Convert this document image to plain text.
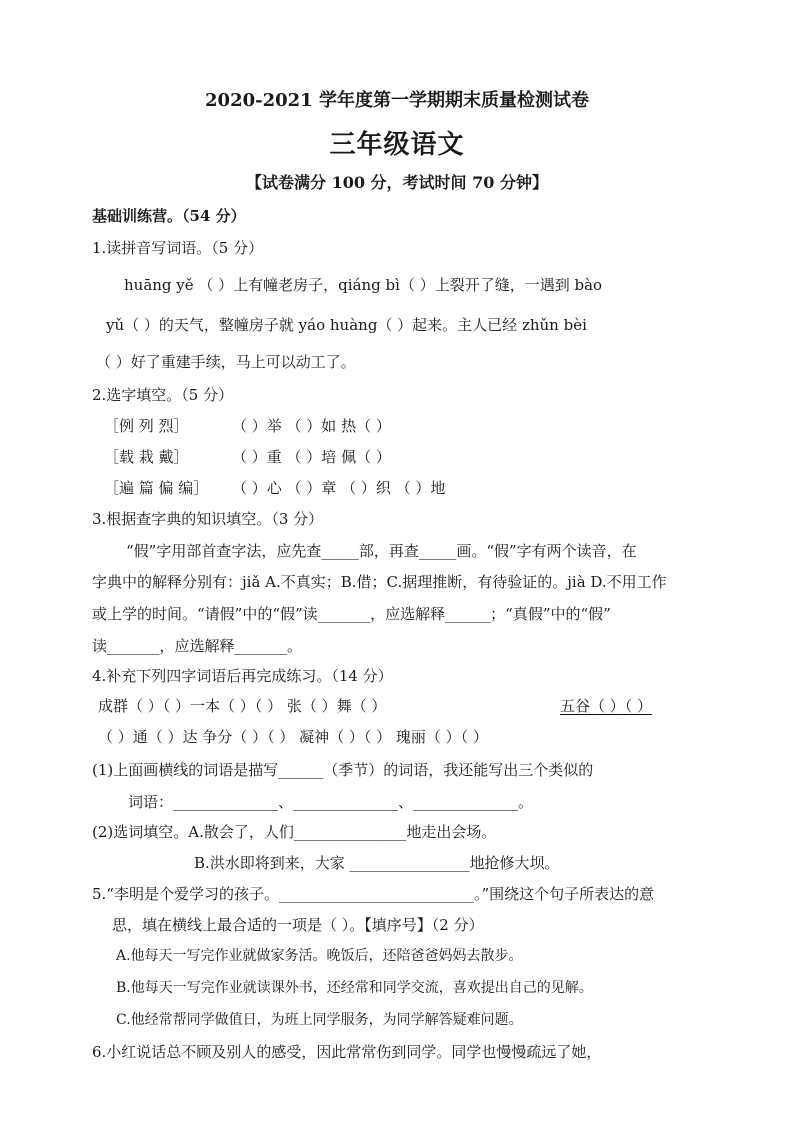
2020-2021 学年度第一学期期末质量检测试卷
三年级语文
【试卷满分 100 分，考试时间 70 分钟】
基础训练营。（54 分）
1.读拼音写词语。（5 分）
huāng yě （ ）上有幢老房子，qiáng bì（ ）上裂开了缝，一遇到 bào
yǔ（ ）的天气，整幢房子就 yáo huàng（ ）起来。主人已经 zhǔn bèi
（ ）好了重建手续，马上可以动工了。
2.选字填空。（5 分）
［例 列 烈］	（ ）举 （ ）如 热（ ）
［载 栽 戴］	（ ）重 （ ）培 佩（ ）
［遍 篇 偏 编］ （ ）心 （ ）章 （ ）织 （ ）地
3.根据查字典的知识填空。（3 分）
“假”字用部首查字法，应先查_____部，再查_____画。“假”字有两个读音，在
字典中的解释分别有：jiǎ A.不真实；B.借；C.据理推断，有待验证的。jià D.不用工作
或上学的时间。“请假”中的“假”读_______，应选解释______；“真假”中的“假”
读_______，应选解释_______。
4.补充下列四字词语后再完成练习。（14 分）
成群（ ）（ ）一本（ ）（ ） 张（ ）舞（ ）	五谷（ ）（ ）
（ ）通（ ）达 争分（ ）（ ） 凝神（ ）（ ） 瑰丽（ ）（ ）
(1)上面画横线的词语是描写______（季节）的词语，我还能写出三个类似的
词语：______________、______________、______________。
(2)选词填空。A.散会了，人们_______________地走出会场。
B.洪水即将到来，大家 ________________地抢修大坝。
5.“李明是个爱学习的孩子。__________________________。”围绕这个句子所表达的意
思，填在横线上最合适的一项是（ ）。【填序号】（2 分）
A.他每天一写完作业就做家务活。晚饭后，还陪爸爸妈妈去散步。
B.他每天一写完作业就读课外书，还经常和同学交流，喜欢提出自己的见解。
C.他经常帮同学做值日，为班上同学服务，为同学解答疑难问题。
6.小红说话总不顾及别人的感受，因此常常伤到同学。同学也慢慢疏远了她，
